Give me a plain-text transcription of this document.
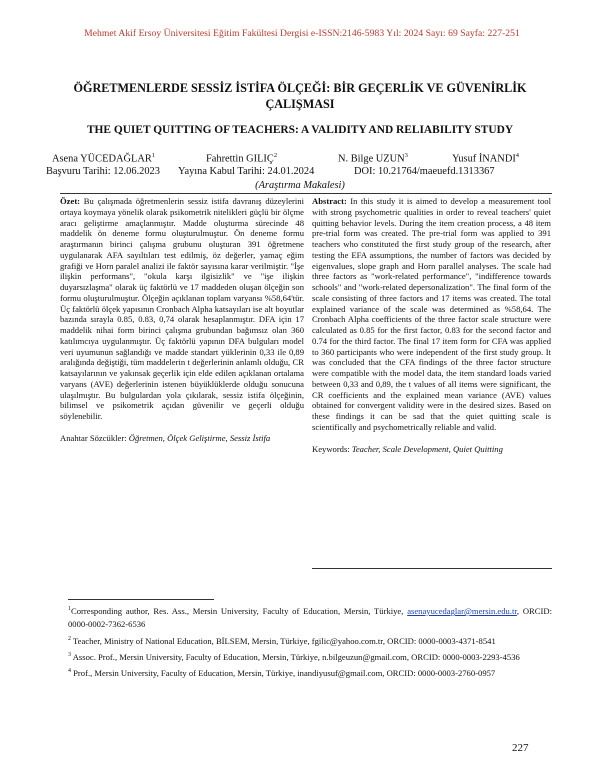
Mehmet Akif Ersoy Üniversitesi Eğitim Fakültesi Dergisi e-ISSN:2146-5983 Yıl: 2024 Sayı: 69 Sayfa: 227-251
ÖĞRETMENLERDE SESSİZ İSTİFA ÖLÇEĞİ: BİR GEÇERLİK VE GÜVENİRLİK ÇALIŞMASI
THE QUIET QUITTING OF TEACHERS: A VALIDITY AND RELIABILITY STUDY
Asena YÜCEDAĞLAR$^1$	Fahrettin GILIÇ$^2$	N. Bilge UZUN$^3$	Yusuf İNANDI$^4$
Başvuru Tarihi: 12.06.2023 Yayına Kabul Tarihi: 24.01.2024	DOI: 10.21764/maeuefd.1313367
(Araştırma Makalesi)

Özet: Bu çalışmada öğretmenlerin sessiz istifa davranış düzeylerini ortaya koymaya yönelik olarak psikometrik nitelikleri güçlü bir ölçme aracı geliştirme amaçlanmıştır. Madde oluşturma sürecinde 48 maddelik ön deneme formu oluşturulmuştur. Ön deneme formu araştırmanın birinci çalışma grubunu oluşturan 391 öğretmene uygulanarak AFA sayıltıları test edilmiş, öz değerler, yamaç eğim grafiği ve Horn paralel analizi ile faktör sayısına karar verilmiştir. "İşe ilişkin performans", "okula karşı ilgisizlik" ve "işe ilişkin duyarsızlaşma" olarak üç faktörlü ve 17 maddeden oluşan ölçeğin son formu oluşturulmuştur. Ölçeğin açıklanan toplam varyansı %58,64'tür. Üç faktörlü ölçek yapısının Cronbach Alpha katsayıları ise alt boyutlar bazında sırayla 0.85, 0.83, 0,74 olarak hesaplanmıştır. DFA için 17 maddelik nihai form birinci çalışma grubundan bağımsız olan 360 katılımcıya uygulanmıştır. Üç faktörlü yapının DFA bulguları model veri uyumunun sağlandığı ve madde standart yüklerinin 0,33 ile 0,89 aralığında değiştiği, tüm maddelerin t değerlerinin anlamlı olduğu, CR katsayılarının ve yakınsak geçerlik için elde edilen açıklanan ortalama varyans (AVE) değerlerinin istenen büyüklüklerde olduğu sonucuna ulaşılmıştır. Bu bulgulardan yola çıkılarak, sessiz istifa ölçeğinin, bilimsel ve psikometrik açıdan güvenilir ve geçerli olduğu söylenebilir.

Anahtar Sözcükler: Öğretmen, Ölçek Geliştirme, Sessiz İstifa

Abstract: In this study it is aimed to develop a measurement tool with strong psychometric qualities in order to reveal teachers' quiet quitting behavior levels. During the item creation process, a 48 item pre-trial form was created. The pre-trial form was applied to 391 teachers who constituted the first study group of the research, after testing the EFA assumptions, the number of factors was decided by eigenvalues, slope graph and Horn parallel analyses. The scale had three factors as "work-related performance", "indifference towards schools" and "work-related depersonalization". The final form of the scale consisting of three factors and 17 items was created. The total explained variance of the scale was determined as %58,64. The Cronbach Alpha coefficients of the three factor scale structure were calculated as 0.85 for the first factor, 0.83 for the second factor and 0.74 for the third factor. The final 17 item form for CFA was applied to 360 participants who were independent of the first study group. It was concluded that the CFA findings of the three factor structure were compatible with the model data, the item standard loads varied between 0,33 and 0,89, the t values of all items were significant, the CR coefficients and the explained mean variance (AVE) values obtained for convergent validity were in the desired sizes. Based on these findings it can be sad that the quiet quitting scale is scientifically and psychometrically reliable and valid.

Keywords: Teacher, Scale Development, Quiet Quitting

$^1$Corresponding author, Res. Ass., Mersin University, Faculty of Education, Mersin, Türkiye, asenayucedaglar@mersin.edu.tr, ORCID: 0000-0002-7362-6536

$^2$ Teacher, Ministry of National Education, BİLSEM, Mersin, Türkiye, fgilic@yahoo.com.tr, ORCID: 0000-0003-4371-8541

$^3$ Assoc. Prof., Mersin University, Faculty of Education, Mersin, Türkiye, n.bilgeuzun@gmail.com, ORCID: 0000-0003-2293-4536

$^4$ Prof., Mersin University, Faculty of Education, Mersin, Türkiye, inandiyusuf@gmail.com, ORCID: 0000-0003-2760-0957

227
